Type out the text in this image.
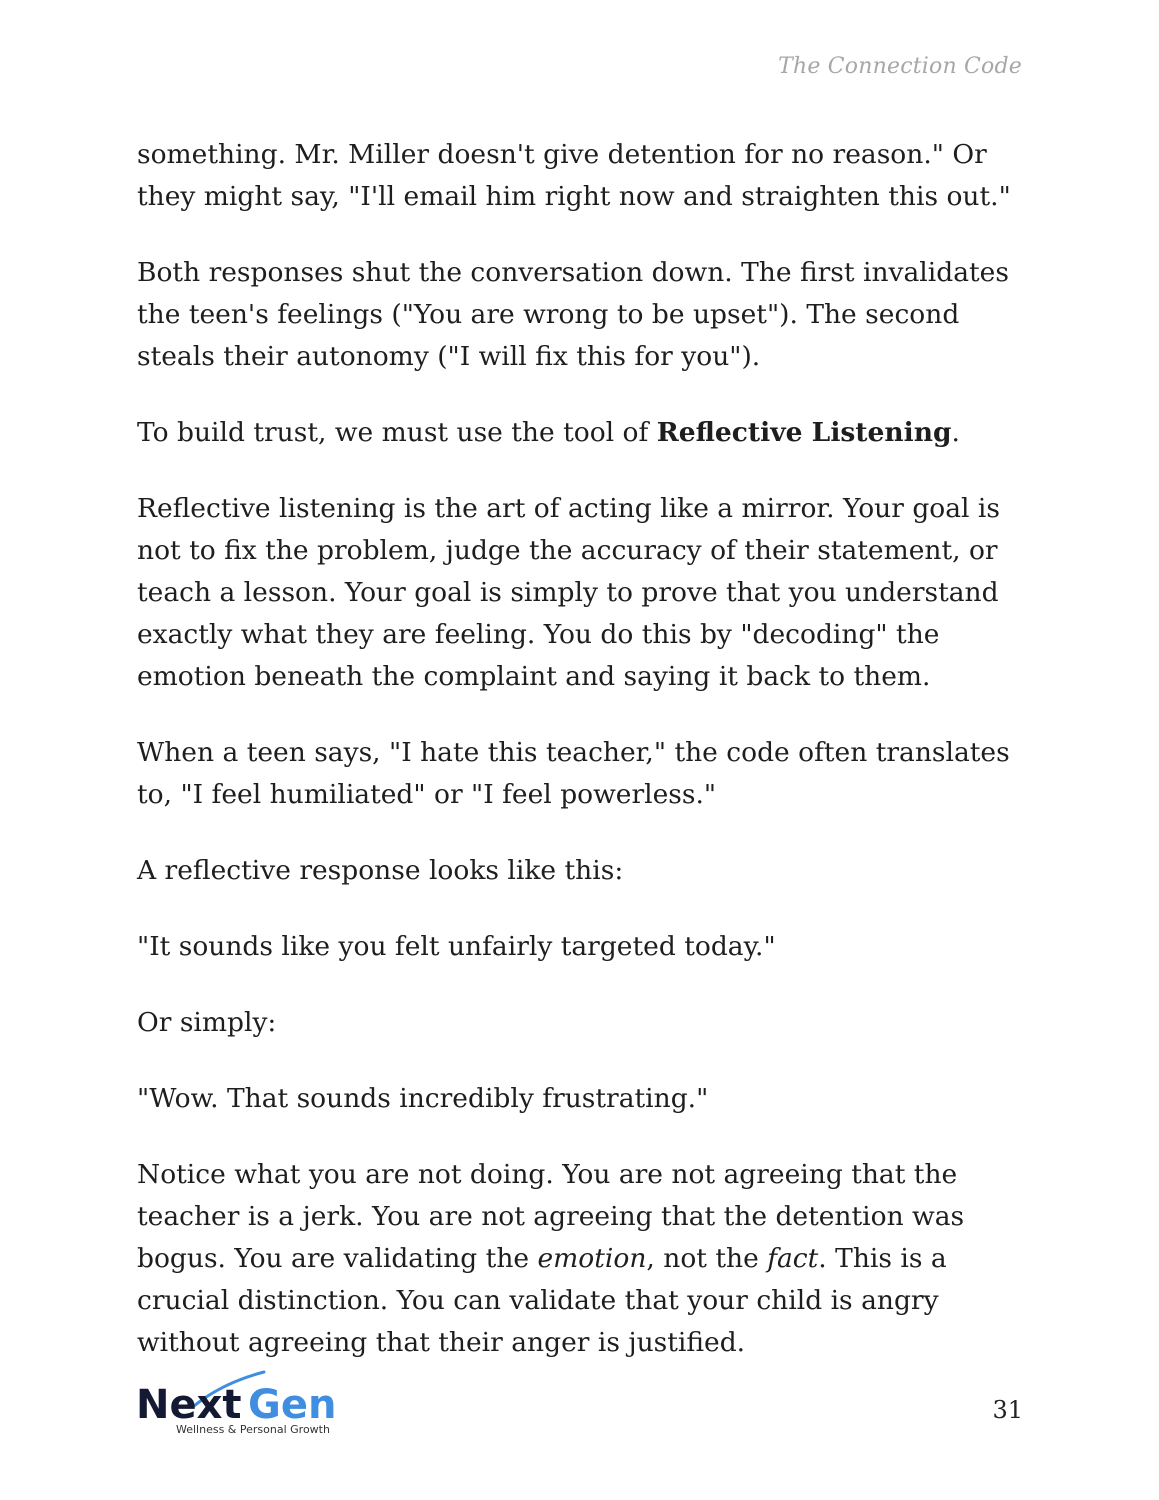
The Connection Code

something. Mr. Miller doesn't give detention for no reason." Or they might say, "I'll email him right now and straighten this out."

Both responses shut the conversation down. The first invalidates the teen's feelings ("You are wrong to be upset"). The second steals their autonomy ("I will fix this for you").

To build trust, we must use the tool of Reflective Listening.

Reflective listening is the art of acting like a mirror. Your goal is not to fix the problem, judge the accuracy of their statement, or teach a lesson. Your goal is simply to prove that you understand exactly what they are feeling. You do this by "decoding" the emotion beneath the complaint and saying it back to them.

When a teen says, "I hate this teacher," the code often translates to, "I feel humiliated" or "I feel powerless."

A reflective response looks like this:

"It sounds like you felt unfairly targeted today."

Or simply:

"Wow. That sounds incredibly frustrating."

Notice what you are not doing. You are not agreeing that the teacher is a jerk. You are not agreeing that the detention was bogus. You are validating the emotion, not the fact. This is a crucial distinction. You can validate that your child is angry without agreeing that their anger is justified.

Next Gen
Wellness & Personal Growth
31
